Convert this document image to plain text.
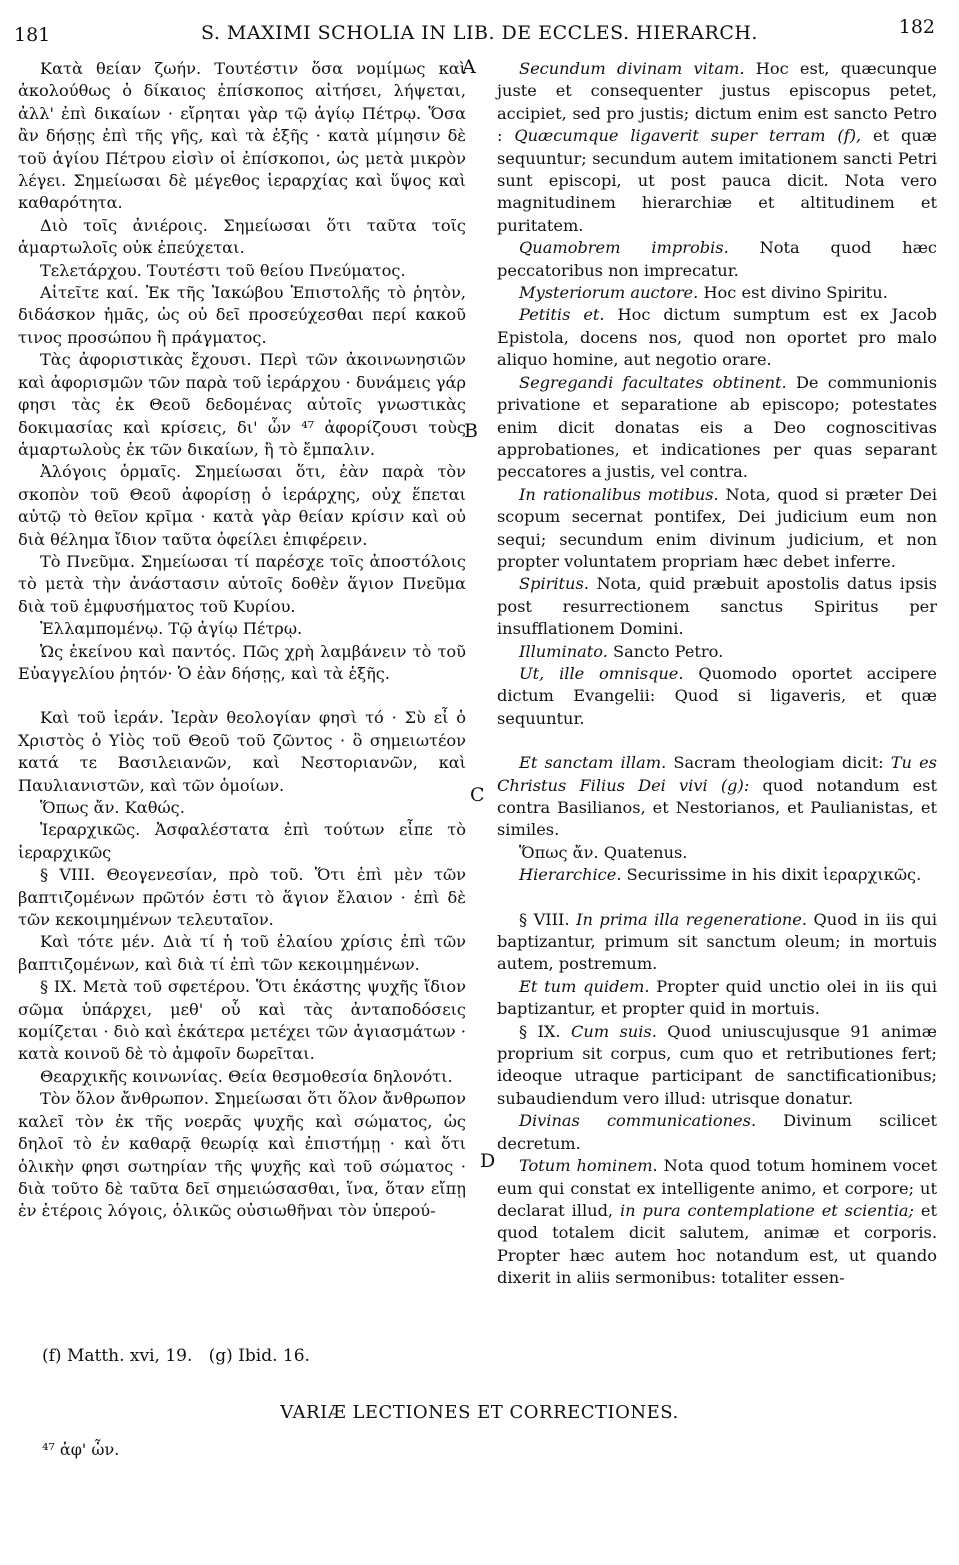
181	S. MAXIMI SCHOLIA IN LIB. DE ECCLES. HIERARCH.	182

Κατὰ θείαν ζωήν. Τουτέστιν ὅσα νομίμως καὶ ἀκολούθως ὁ δίκαιος ἐπίσκοπος αἰτήσει, λήψεται, ἀλλ' ἐπὶ δικαίων · εἴρηται γὰρ τῷ ἁγίῳ Πέτρῳ. Ὅσα ἂν δήσῃς ἐπὶ τῆς γῆς, καὶ τὰ ἑξῆς · κατὰ μίμησιν δὲ τοῦ ἁγίου Πέτρου εἰσὶν οἱ ἐπίσκοποι, ὡς μετὰ μικρὸν λέγει. Σημείωσαι δὲ μέγεθος ἱεραρχίας καὶ ὕψος καὶ καθαρότητα.

Διὸ τοῖς ἀνιέροις. Σημείωσαι ὅτι ταῦτα τοῖς ἁμαρτωλοῖς οὐκ ἐπεύχεται.

Τελετάρχου. Τουτέστι τοῦ θείου Πνεύματος.

Αἰτεῖτε καί. Ἐκ τῆς Ἰακώβου Ἐπιστολῆς τὸ ῥητὸν, διδάσκον ἡμᾶς, ὡς οὐ δεῖ προσεύχεσθαι περί κακοῦ τινος προσώπου ἢ πράγματος.

Τὰς ἀφοριστικὰς ἔχουσι. Περὶ τῶν ἀκοινωνησιῶν καὶ ἀφορισμῶν τῶν παρὰ τοῦ ἱεράρχου · δυνάμεις γάρ φησι τὰς ἐκ Θεοῦ δεδομένας αὐτοῖς γνωστικὰς δοκιμασίας καὶ κρίσεις, δι' ὧν ⁴⁷ ἀφορίζουσι τοὺς ἁμαρτωλοὺς ἐκ τῶν δικαίων, ἢ τὸ ἔμπαλιν.

Ἀλόγοις ὁρμαῖς. Σημείωσαι ὅτι, ἐὰν παρὰ τὸν σκοπὸν τοῦ Θεοῦ ἀφορίσῃ ὁ ἱεράρχης, οὐχ ἕπεται αὐτῷ τὸ θεῖον κρῖμα · κατὰ γὰρ θείαν κρίσιν καὶ οὐ διὰ θέλημα ἴδιον ταῦτα ὀφείλει ἐπιφέρειν.

Τὸ Πνεῦμα. Σημείωσαι τί παρέσχε τοῖς ἀποστόλοις τὸ μετὰ τὴν ἀνάστασιν αὐτοῖς δοθὲν ἅγιον Πνεῦμα διὰ τοῦ ἐμφυσήματος τοῦ Κυρίου.

Ἐλλαμπομένῳ. Τῷ ἁγίῳ Πέτρῳ.

Ὡς ἐκείνου καὶ παντός. Πῶς χρὴ λαμβάνειν τὸ τοῦ Εὐαγγελίου ῥητόν· Ὁ ἐὰν δήσῃς, καὶ τὰ ἑξῆς.

Καὶ τοῦ ἱεράν. Ἱερὰν θεολογίαν φησὶ τό · Σὺ εἶ ὁ Χριστὸς ὁ Υἱὸς τοῦ Θεοῦ τοῦ ζῶντος · ὃ σημειωτέον κατά τε Βασιλειανῶν, καὶ Νεστοριανῶν, καὶ Παυλιανιστῶν, καὶ τῶν ὁμοίων.

Ὅπως ἄν. Καθώς.

Ἱεραρχικῶς. Ἀσφαλέστατα ἐπὶ τούτων εἶπε τὸ ἱεραρχικῶς

§ VIII. Θεογενεσίαν, πρὸ τοῦ. Ὅτι ἐπὶ μὲν τῶν βαπτιζομένων πρῶτόν ἐστι τὸ ἅγιον ἔλαιον · ἐπὶ δὲ τῶν κεκοιμημένων τελευταῖον.

Καὶ τότε μέν. Διὰ τί ἡ τοῦ ἐλαίου χρίσις ἐπὶ τῶν βαπτιζομένων, καὶ διὰ τί ἐπὶ τῶν κεκοιμημένων.

§ IX. Μετὰ τοῦ σφετέρου. Ὅτι ἑκάστης ψυχῆς ἴδιον σῶμα ὑπάρχει, μεθ' οὗ καὶ τὰς ἀνταποδόσεις κομίζεται · διὸ καὶ ἑκάτερα μετέχει τῶν ἁγιασμάτων · κατὰ κοινοῦ δὲ τὸ ἀμφοῖν δωρεῖται.

Θεαρχικῆς κοινωνίας. Θεία θεσμοθεσία δηλονότι.

Τὸν ὅλον ἄνθρωπον. Σημείωσαι ὅτι ὅλον ἄνθρωπον καλεῖ τὸν ἐκ τῆς νοερᾶς ψυχῆς καὶ σώματος, ὡς δηλοῖ τὸ ἐν καθαρᾷ θεωρίᾳ καὶ ἐπιστήμῃ · καὶ ὅτι ὁλικὴν φησι σωτηρίαν τῆς ψυχῆς καὶ τοῦ σώματος · διὰ τοῦτο δὲ ταῦτα δεῖ σημειώσασθαι, ἵνα, ὅταν εἴπῃ ἐν ἑτέροις λόγοις, ὁλικῶς οὐσιωθῆναι τὸν ὑπερού-

Secundum divinam vitam. Hoc est, quæcunque juste et consequenter justus episcopus petet, accipiet, sed pro justis; dictum enim est sancto Petro : Quæcumque ligaverit super terram (f), et quæ sequuntur; secundum autem imitationem sancti Petri sunt episcopi, ut post pauca dicit. Nota vero magnitudinem hierarchiæ et altitudinem et puritatem.

Quamobrem improbis. Nota quod hæc peccatoribus non imprecatur.

Mysteriorum auctore. Hoc est divino Spiritu.

Petitis et. Hoc dictum sumptum est ex Jacob Epistola, docens nos, quod non oportet pro malo aliquo homine, aut negotio orare.

Segregandi facultates obtinent. De communionis privatione et separatione ab episcopo; potestates enim dicit donatas eis a Deo cognoscitivas approbationes, et indicationes per quas separant peccatores a justis, vel contra.

In rationalibus motibus. Nota, quod si præter Dei scopum secernat pontifex, Dei judicium eum non sequi; secundum enim divinum judicium, et non propter voluntatem propriam hæc debet inferre.

Spiritus. Nota, quid præbuit apostolis datus ipsis post resurrectionem sanctus Spiritus per insufflationem Domini.

Illuminato. Sancto Petro.

Ut, ille omnisque. Quomodo oportet accipere dictum Evangelii: Quod si ligaveris, et quæ sequuntur.

Et sanctam illam. Sacram theologiam dicit: Tu es Christus Filius Dei vivi (g): quod notandum est contra Basilianos, et Nestorianos, et Paulianistas, et similes.

Ὅπως ἄν. Quatenus.

Hierarchice. Securissime in his dixit ἱεραρχικῶς.

§ VIII. In prima illa regeneratione. Quod in iis qui baptizantur, primum sit sanctum oleum; in mortuis autem, postremum.

Et tum quidem. Propter quid unctio olei in iis qui baptizantur, et propter quid in mortuis.

§ IX. Cum suis. Quod uniuscujusque 91 animæ proprium sit corpus, cum quo et retributiones fert; ideoque utraque participant de sanctificationibus; subaudiendum vero illud: utrisque donatur.

Divinas communicationes. Divinum scilicet decretum.

Totum hominem. Nota quod totum hominem vocet eum qui constat ex intelligente animo, et corpore; ut declarat illud, in pura contemplatione et scientia; et quod totalem dicit salutem, animæ et corporis. Propter hæc autem hoc notandum est, ut quando dixerit in aliis sermonibus: totaliter essen-

A
B
C
D
(f) Matth. xvi, 19.   (g) Ibid. 16.
VARIÆ LECTIONES ET CORRECTIONES.
⁴⁷ ἀφ' ὧν.
